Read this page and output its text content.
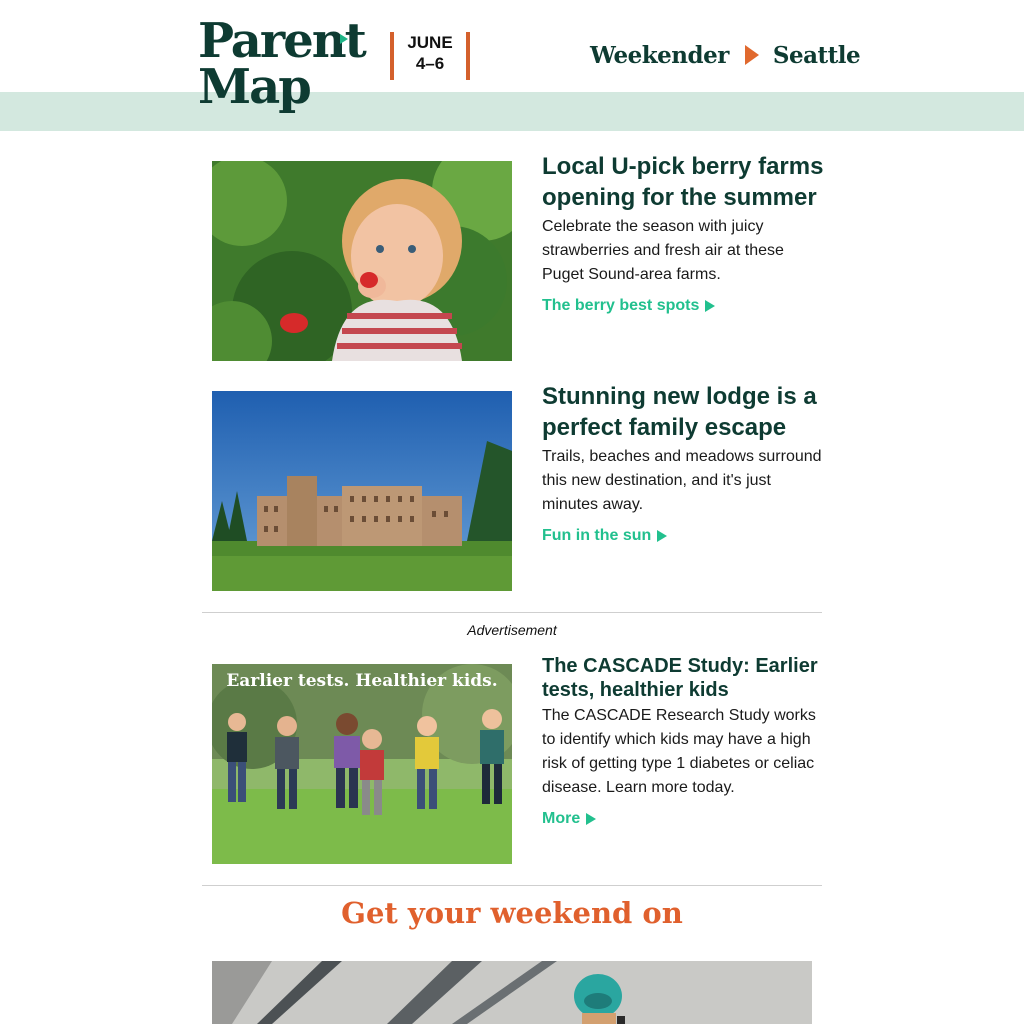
Parent
Map
JUNE
4–6	Weekender Seattle
Local U-pick berry farms opening for the summer

Celebrate the season with juicy strawberries and fresh air at these Puget Sound-area farms.

The berry best spots
Stunning new lodge is a perfect family escape

Trails, beaches and meadows surround this new destination, and it's just minutes away.

Fun in the sun
Advertisement
Earlier tests. Healthier kids.
The CASCADE Study: Earlier tests, healthier kids

The CASCADE Research Study works to identify which kids may have a high risk of getting type 1 diabetes or celiac disease. Learn more today.

More
Get your weekend on
